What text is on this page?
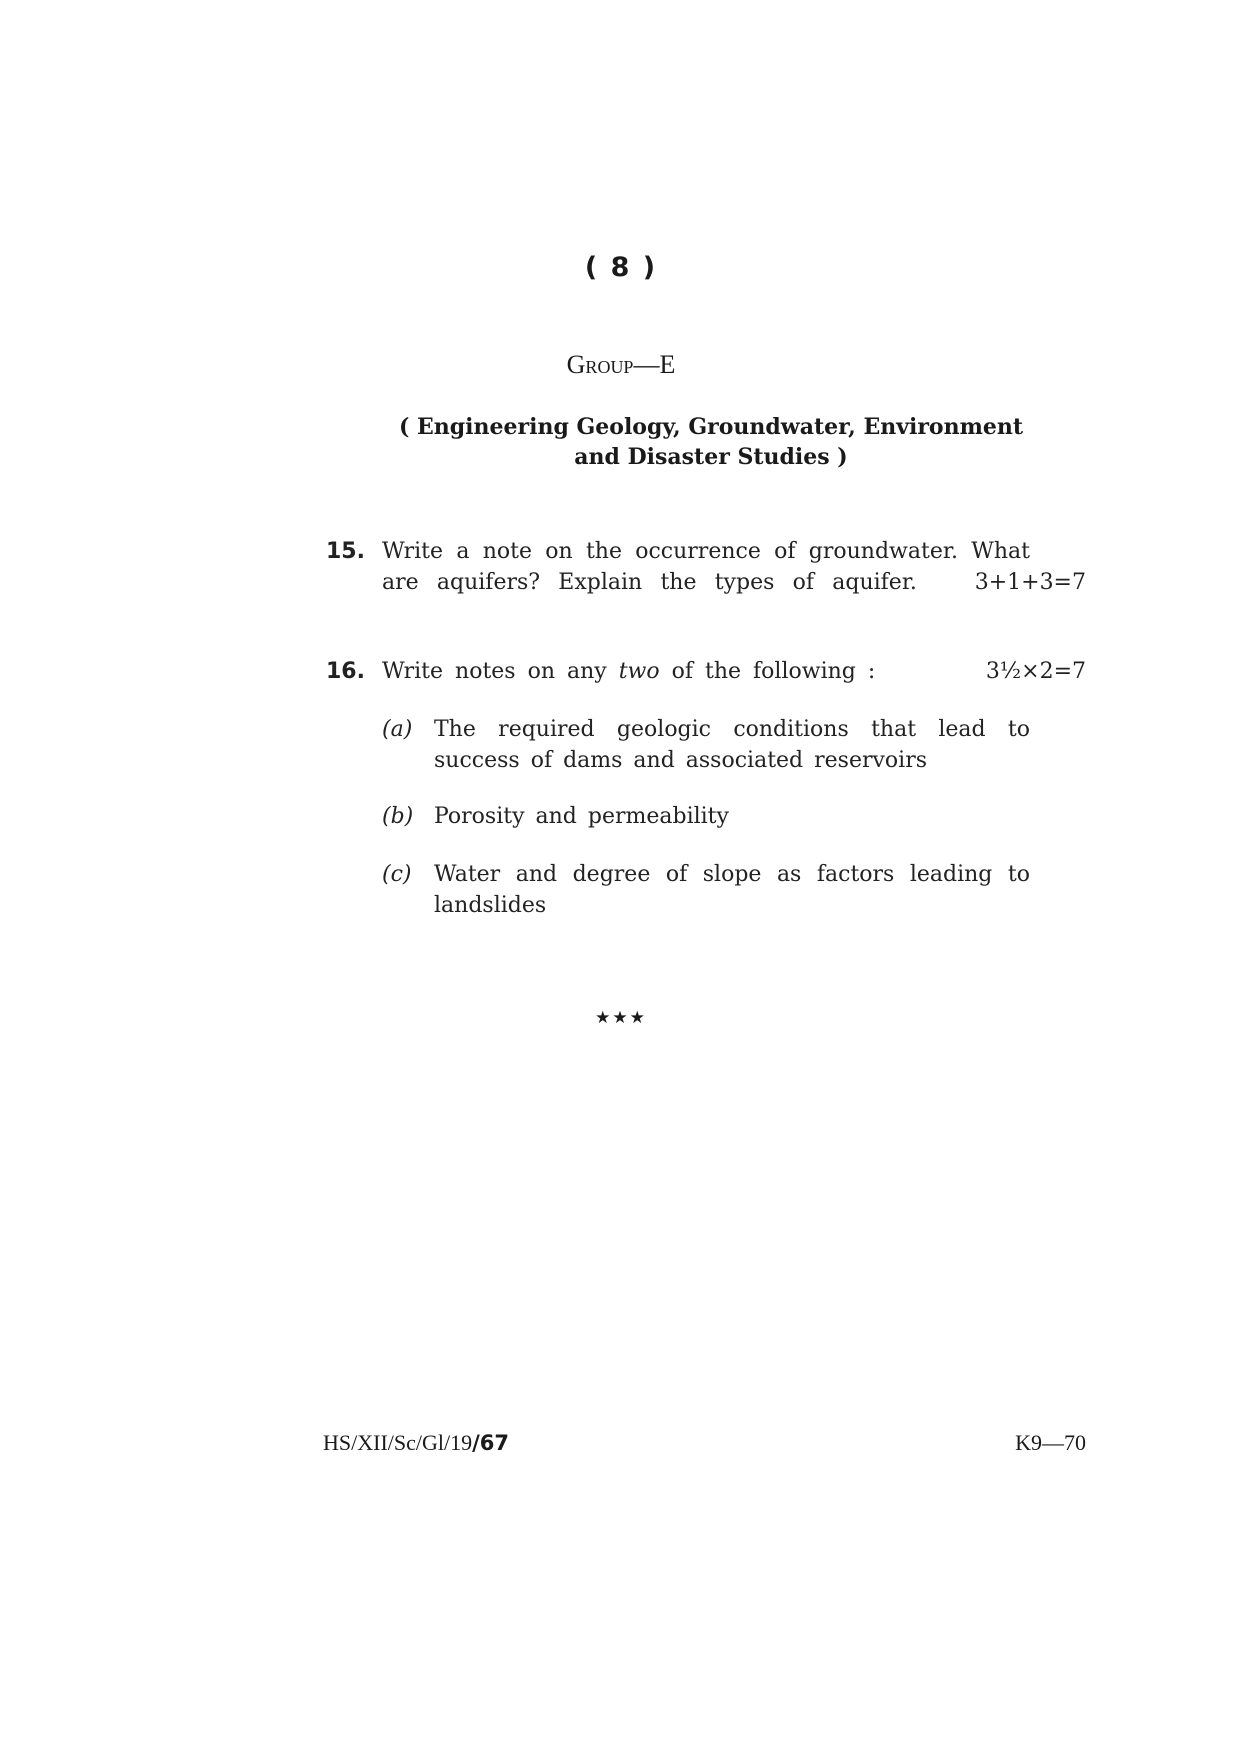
( 8 )
Group—E
( Engineering Geology, Groundwater, Environment
and Disaster Studies )
15. Write a note on the occurrence of groundwater. What
are aquifers? Explain the types of aquifer.	3+1+3=7
16. Write notes on any two of the following :	3½×2=7
(a) The required geologic conditions that lead to
success of dams and associated reservoirs
(b) Porosity and permeability
(c) Water and degree of slope as factors leading to
landslides
★★★
HS/XII/Sc/Gl/19/67	K9—70
